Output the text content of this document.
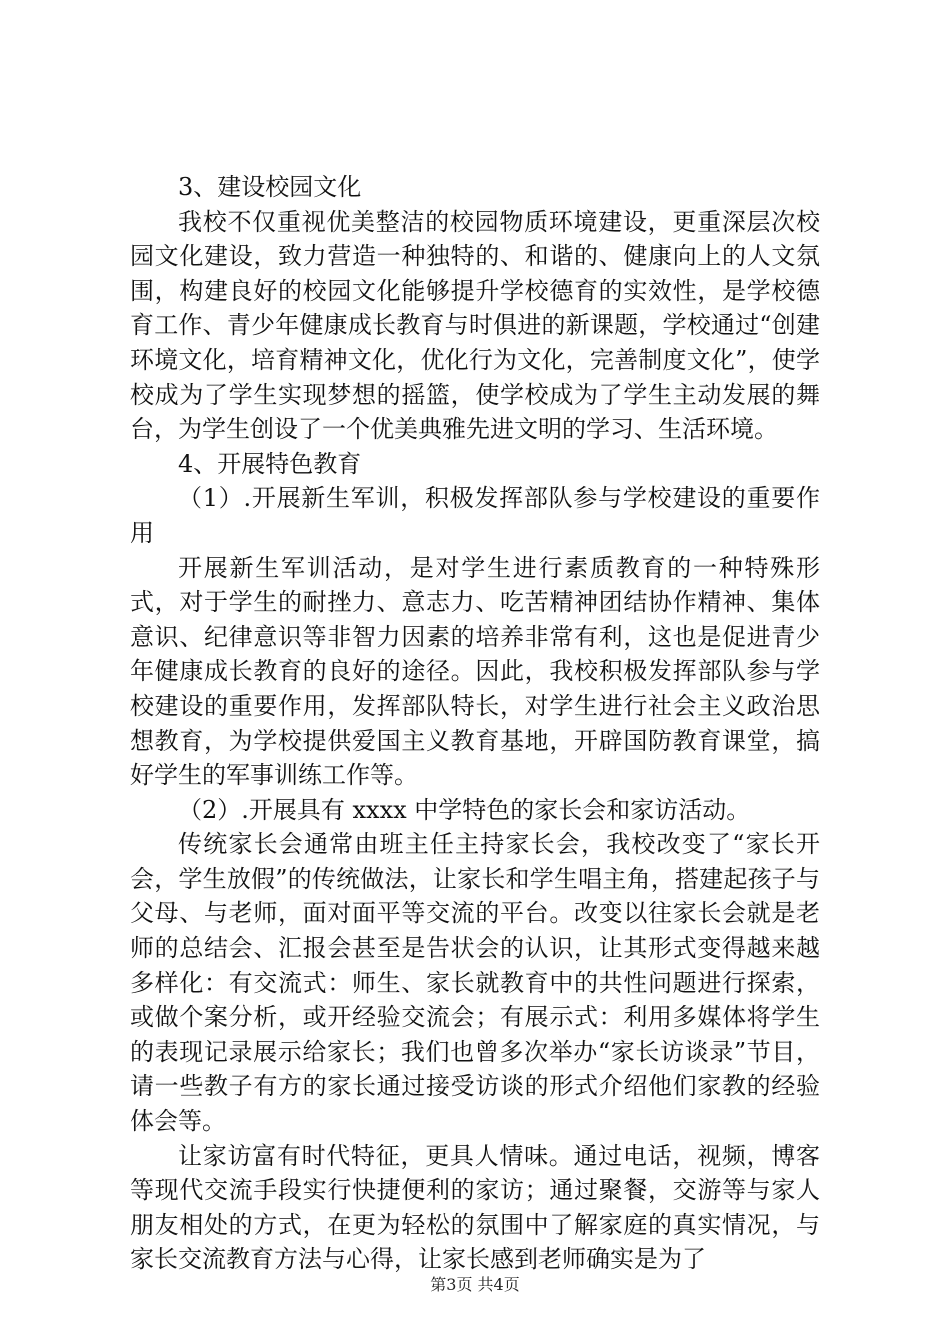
3、建设校园文化

我校不仅重视优美整洁的校园物质环境建设，更重深层次校园文化建设，致力营造一种独特的、和谐的、健康向上的人文氛围，构建良好的校园文化能够提升学校德育的实效性，是学校德育工作、青少年健康成长教育与时俱进的新课题，学校通过“创建环境文化，培育精神文化，优化行为文化，完善制度文化”，使学校成为了学生实现梦想的摇篮，使学校成为了学生主动发展的舞台，为学生创设了一个优美典雅先进文明的学习、生活环境。

4、开展特色教育

（1）.开展新生军训，积极发挥部队参与学校建设的重要作用

开展新生军训活动，是对学生进行素质教育的一种特殊形式，对于学生的耐挫力、意志力、吃苦精神团结协作精神、集体意识、纪律意识等非智力因素的培养非常有利，这也是促进青少年健康成长教育的良好的途径。因此，我校积极发挥部队参与学校建设的重要作用，发挥部队特长，对学生进行社会主义政治思想教育，为学校提供爱国主义教育基地，开辟国防教育课堂，搞好学生的军事训练工作等。

（2）.开展具有 xxxx 中学特色的家长会和家访活动。

传统家长会通常由班主任主持家长会，我校改变了“家长开会，学生放假”的传统做法，让家长和学生唱主角，搭建起孩子与父母、与老师，面对面平等交流的平台。改变以往家长会就是老师的总结会、汇报会甚至是告状会的认识，让其形式变得越来越多样化：有交流式：师生、家长就教育中的共性问题进行探索，或做个案分析，或开经验交流会；有展示式：利用多媒体将学生的表现记录展示给家长；我们也曾多次举办“家长访谈录”节目，请一些教子有方的家长通过接受访谈的形式介绍他们家教的经验体会等。

让家访富有时代特征，更具人情味。通过电话，视频，博客等现代交流手段实行快捷便利的家访；通过聚餐，交游等与家人朋友相处的方式，在更为轻松的氛围中了解家庭的真实情况，与家长交流教育方法与心得，让家长感到老师确实是为了

第3页 共4页
